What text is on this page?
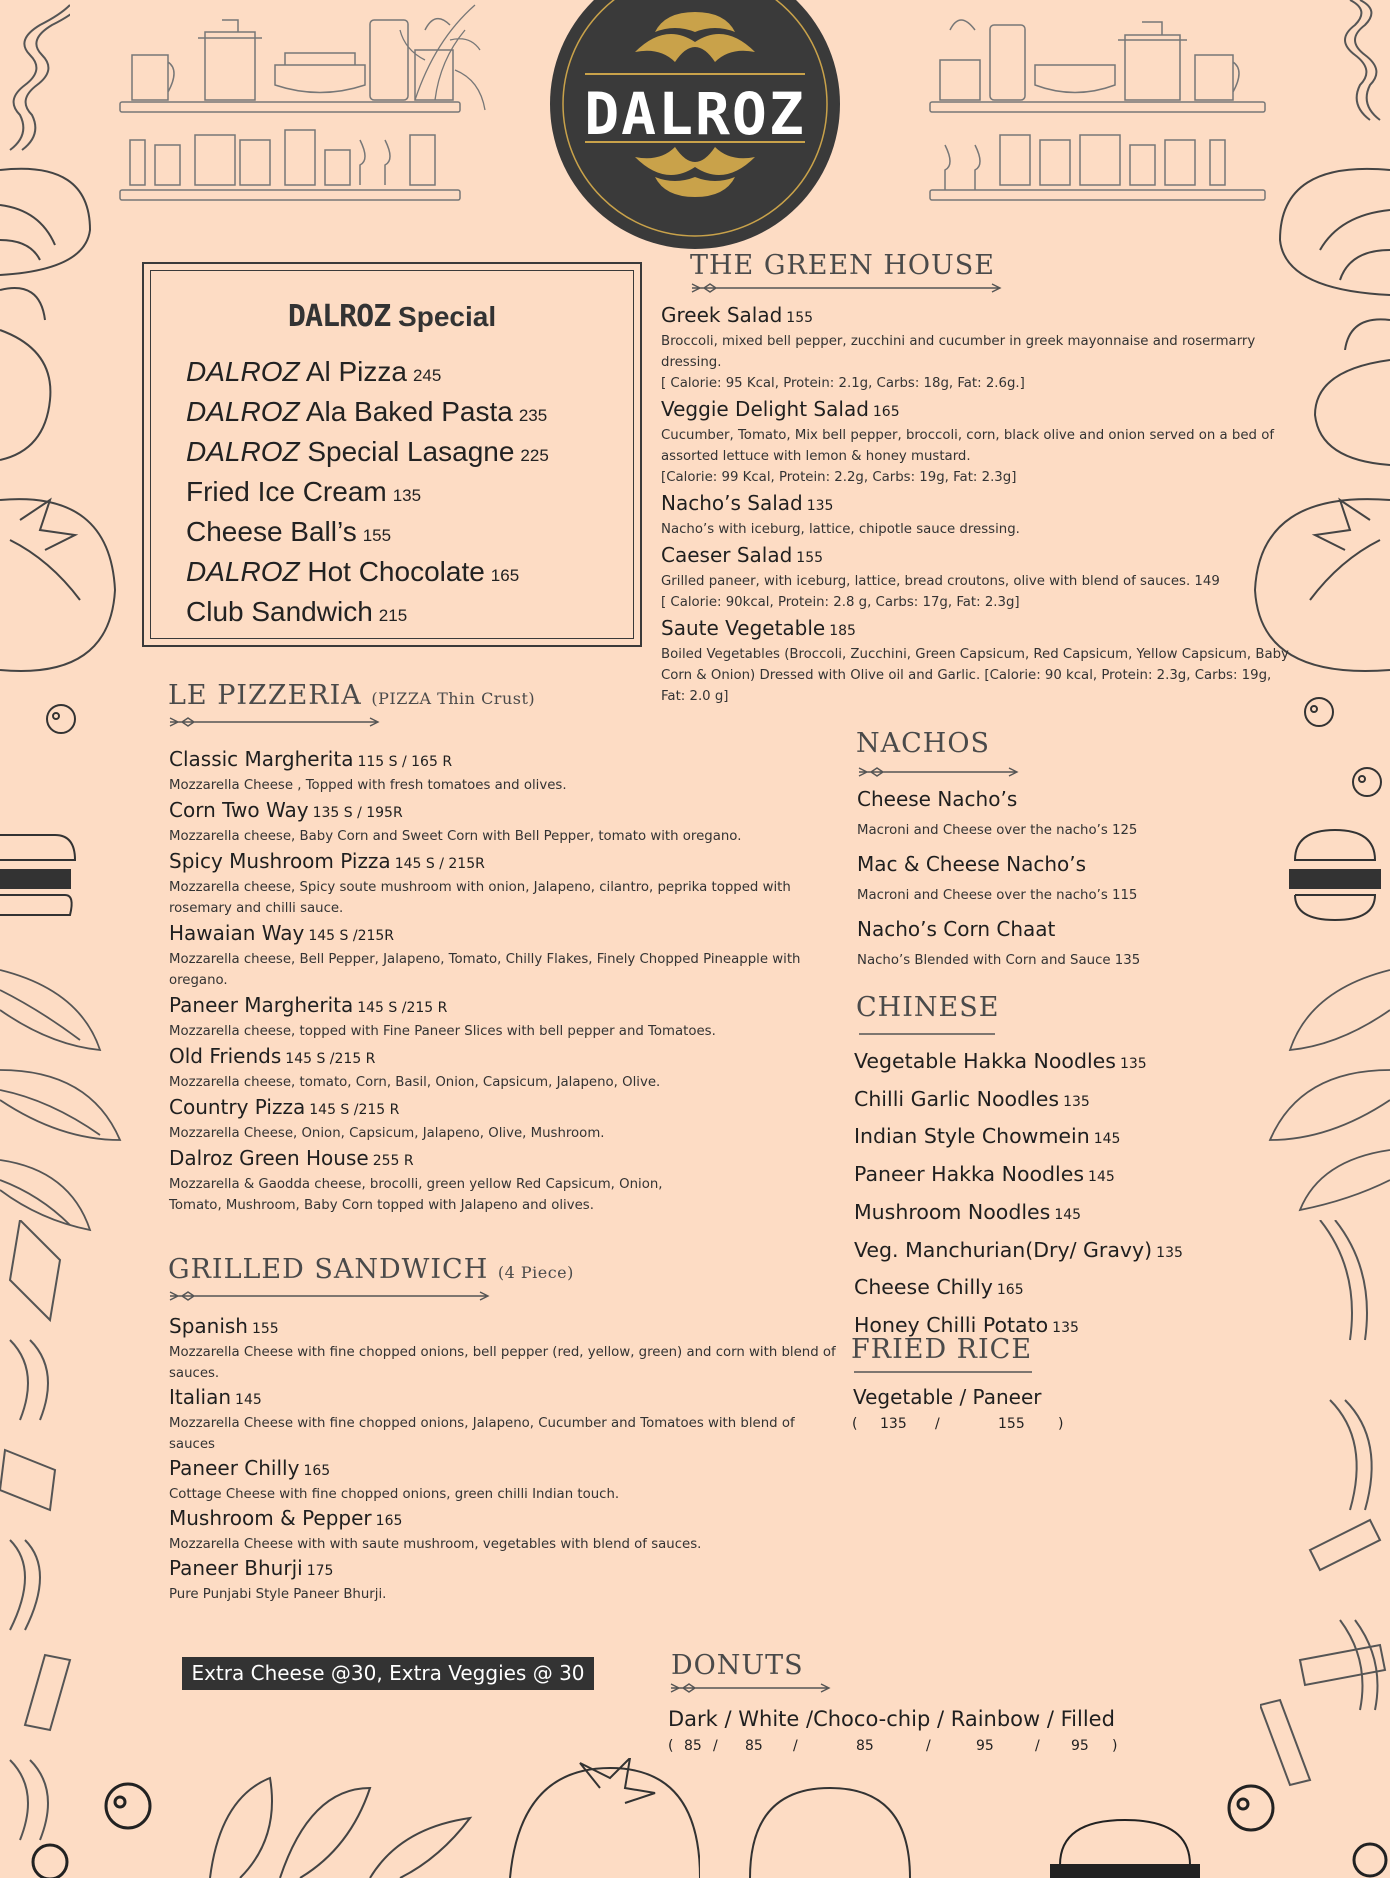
DALROZ
DALROZ Special
DALROZ Al Pizza 245
DALROZ Ala Baked Pasta 235
DALROZ Special Lasagne 225
Fried Ice Cream 135
Cheese Ball’s 155
DALROZ Hot Chocolate 165
Club Sandwich 215
THE GREEN HOUSE
Greek Salad 155
Broccoli, mixed bell pepper, zucchini and cucumber in greek mayonnaise and rosermarry dressing.
[ Calorie: 95 Kcal, Protein: 2.1g, Carbs: 18g, Fat: 2.6g.]
Veggie Delight Salad 165
Cucumber, Tomato, Mix bell pepper, broccoli, corn, black olive and onion served on a bed of assorted lettuce with lemon & honey mustard.
[Calorie: 99 Kcal, Protein: 2.2g, Carbs: 19g, Fat: 2.3g]
Nacho’s Salad 135
Nacho’s with iceburg, lattice, chipotle sauce dressing.
Caeser Salad 155
Grilled paneer, with iceburg, lattice, bread croutons, olive with blend of sauces. 149
[ Calorie: 90kcal, Protein: 2.8 g, Carbs: 17g, Fat: 2.3g]
Saute Vegetable 185
Boiled Vegetables (Broccoli, Zucchini, Green Capsicum, Red Capsicum, Yellow Capsicum, Baby Corn & Onion) Dressed with Olive oil and Garlic. [Calorie: 90 kcal, Protein: 2.3g, Carbs: 19g, Fat: 2.0 g]
LE PIZZERIA (PIZZA Thin Crust)
Classic Margherita 115 S / 165 R
Mozzarella Cheese , Topped with fresh tomatoes and olives.
Corn Two Way 135 S / 195R
Mozzarella cheese, Baby Corn and Sweet Corn with Bell Pepper, tomato with oregano.
Spicy Mushroom Pizza 145 S / 215R
Mozzarella cheese, Spicy soute mushroom with onion, Jalapeno, cilantro, peprika topped with rosemary and chilli sauce.
Hawaian Way 145 S /215R
Mozzarella cheese, Bell Pepper, Jalapeno, Tomato, Chilly Flakes, Finely Chopped Pineapple with oregano.
Paneer Margherita 145 S /215 R
Mozzarella cheese, topped with Fine Paneer Slices with bell pepper and Tomatoes.
Old Friends 145 S /215 R
Mozzarella cheese, tomato, Corn, Basil, Onion, Capsicum, Jalapeno, Olive.
Country Pizza 145 S /215 R
Mozzarella Cheese, Onion, Capsicum, Jalapeno, Olive, Mushroom.
Dalroz Green House 255 R
Mozzarella & Gaodda cheese, brocolli, green yellow Red Capsicum, Onion, Tomato, Mushroom, Baby Corn topped with Jalapeno and olives.
GRILLED SANDWICH (4 Piece)
Spanish 155
Mozzarella Cheese with fine chopped onions, bell pepper (red, yellow, green) and corn with blend of sauces.
Italian 145
Mozzarella Cheese with fine chopped onions, Jalapeno, Cucumber and Tomatoes with blend of sauces
Paneer Chilly 165
Cottage Cheese with fine chopped onions, green chilli Indian touch.
Mushroom & Pepper 165
Mozzarella Cheese with with saute mushroom, vegetables with blend of sauces.
Paneer Bhurji 175
Pure Punjabi Style Paneer Bhurji.
NACHOS
Cheese Nacho’s
Macroni and Cheese over the nacho’s 125
Mac & Cheese Nacho’s
Macroni and Cheese over the nacho’s 115
Nacho’s Corn Chaat
Nacho’s Blended with Corn and Sauce 135
CHINESE
Vegetable Hakka Noodles 135
Chilli Garlic Noodles 135
Indian Style Chowmein 145
Paneer Hakka Noodles 145
Mushroom Noodles 145
Veg. Manchurian(Dry/ Gravy) 135
Cheese Chilly 165
Honey Chilli Potato 135
FRIED RICE
Vegetable / Paneer
( 135 /	155 )
Extra Cheese @30, Extra Veggies @ 30	DONUTS
Dark / White /Choco-chip / Rainbow / Filled
( 85 / 85 /	85	/	95	/ 95 )
